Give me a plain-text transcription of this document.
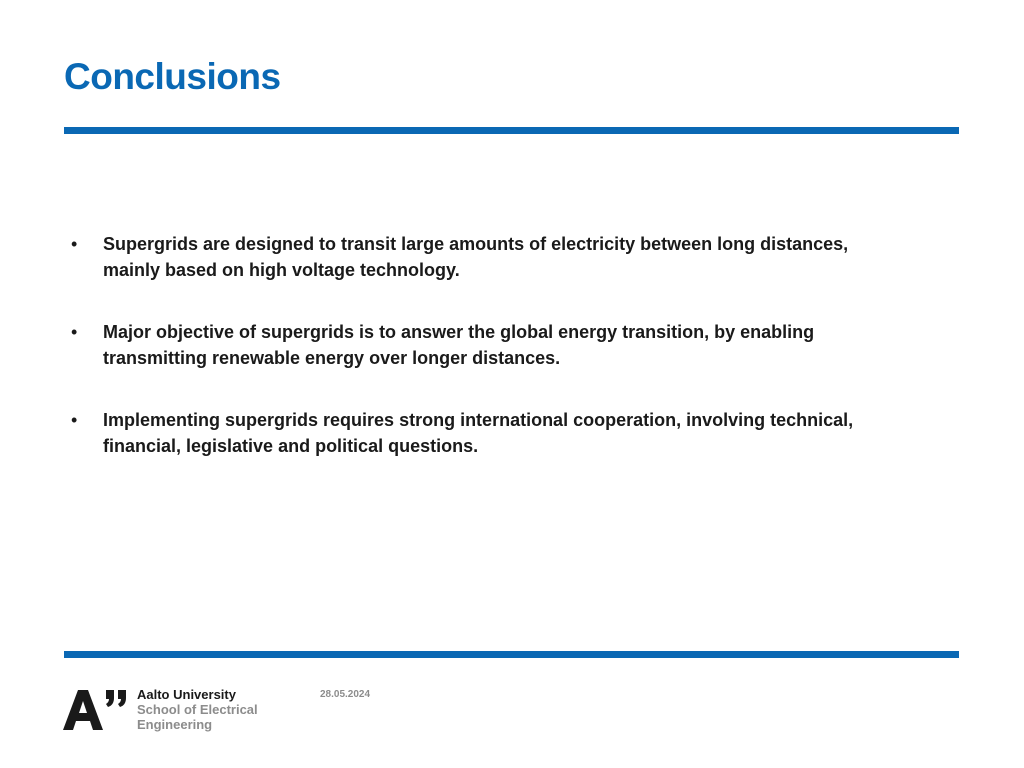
Conclusions
• Supergrids are designed to transit large amounts of electricity between long distances,
mainly based on high voltage technology.
• Major objective of supergrids is to answer the global energy transition, by enabling
transmitting renewable energy over longer distances.
• Implementing supergrids requires strong international cooperation, involving technical,
financial, legislative and political questions.
Aalto University
School of Electrical
Engineering
28.05.2024
